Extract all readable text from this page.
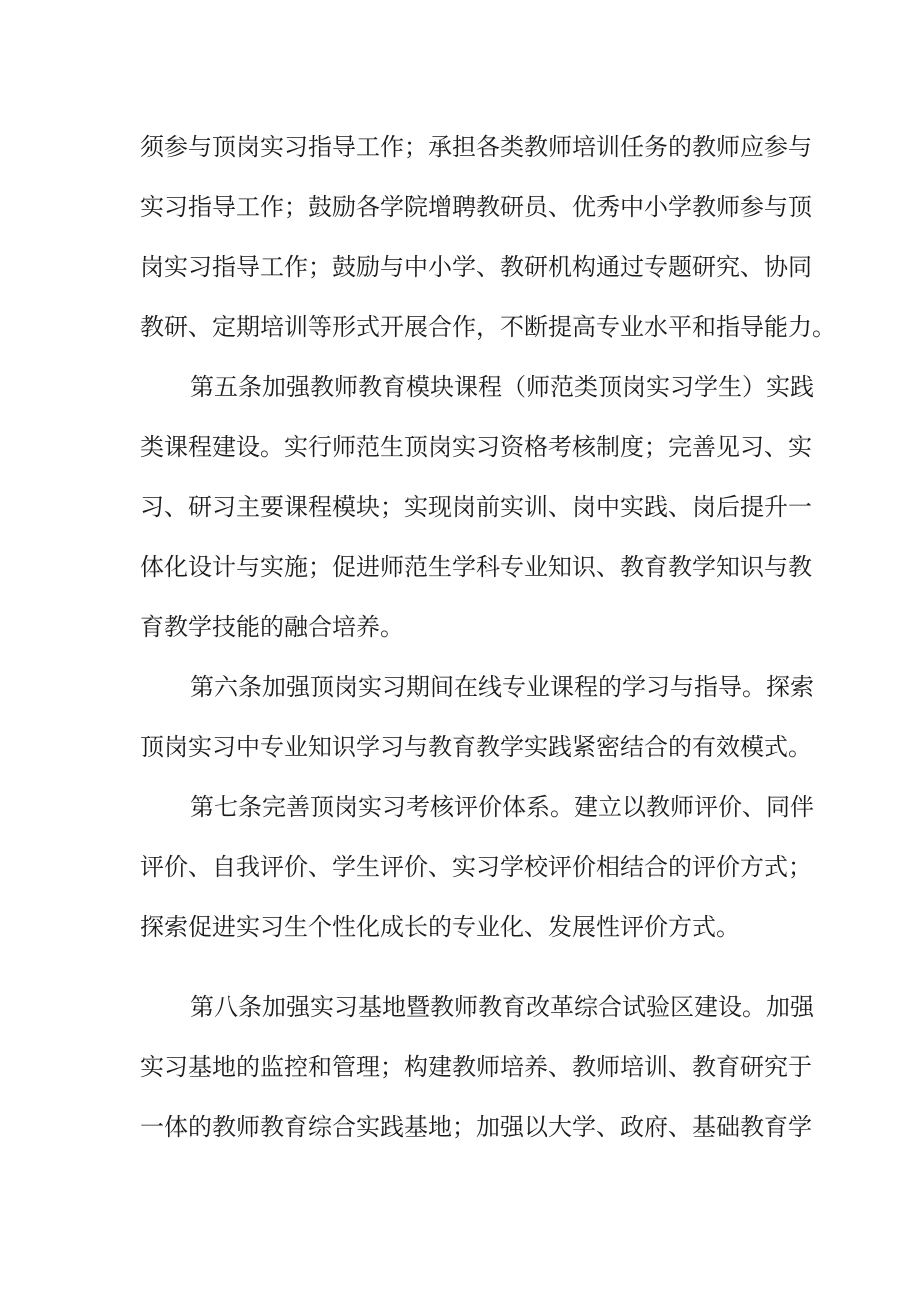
须参与顶岗实习指导工作；承担各类教师培训任务的教师应参与
实习指导工作；鼓励各学院增聘教研员、优秀中小学教师参与顶
岗实习指导工作；鼓励与中小学、教研机构通过专题研究、协同
教研、定期培训等形式开展合作，不断提高专业水平和指导能力。
第五条加强教师教育模块课程（师范类顶岗实习学生）实践
类课程建设。实行师范生顶岗实习资格考核制度；完善见习、实
习、研习主要课程模块；实现岗前实训、岗中实践、岗后提升一
体化设计与实施；促进师范生学科专业知识、教育教学知识与教
育教学技能的融合培养。
第六条加强顶岗实习期间在线专业课程的学习与指导。探索
顶岗实习中专业知识学习与教育教学实践紧密结合的有效模式。
第七条完善顶岗实习考核评价体系。建立以教师评价、同伴
评价、自我评价、学生评价、实习学校评价相结合的评价方式；
探索促进实习生个性化成长的专业化、发展性评价方式。
第八条加强实习基地暨教师教育改革综合试验区建设。加强
实习基地的监控和管理；构建教师培养、教师培训、教育研究于
一体的教师教育综合实践基地；加强以大学、政府、基础教育学
